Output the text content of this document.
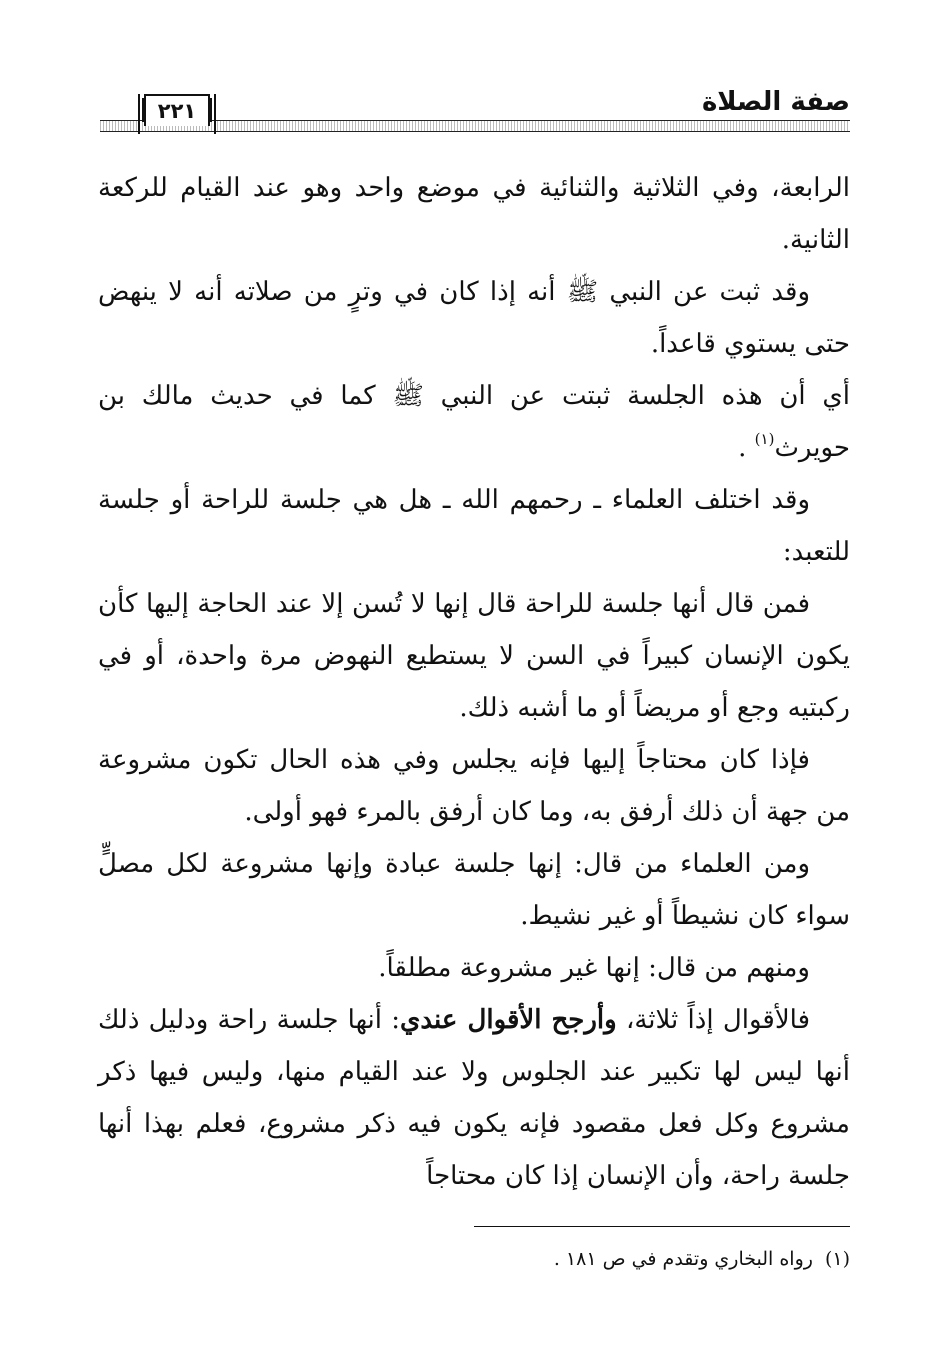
صفة الصلاة
٢٢١

الرابعة، وفي الثلاثية والثنائية في موضع واحد وهو عند القيام للركعة الثانية.

وقد ثبت عن النبي ﷺ أنه إذا كان في وترٍ من صلاته أنه لا ينهض حتى يستوي قاعداً.

أي أن هذه الجلسة ثبتت عن النبي ﷺ كما في حديث مالك بن حويرث$^{(١)}$ .

وقد اختلف العلماء ـ رحمهم الله ـ هل هي جلسة للراحة أو جلسة للتعبد:

فمن قال أنها جلسة للراحة قال إنها لا تُسن إلا عند الحاجة إليها كأن يكون الإنسان كبيراً في السن لا يستطيع النهوض مرة واحدة، أو في ركبتيه وجع أو مريضاً أو ما أشبه ذلك.

فإذا كان محتاجاً إليها فإنه يجلس وفي هذه الحال تكون مشروعة من جهة أن ذلك أرفق به، وما كان أرفق بالمرء فهو أولى.

ومن العلماء من قال: إنها جلسة عبادة وإنها مشروعة لكل مصلٍّ سواء كان نشيطاً أو غير نشيط.

ومنهم من قال: إنها غير مشروعة مطلقاً.

فالأقوال إذاً ثلاثة، وأرجح الأقوال عندي: أنها جلسة راحة ودليل ذلك أنها ليس لها تكبير عند الجلوس ولا عند القيام منها، وليس فيها ذكر مشروع وكل فعل مقصود فإنه يكون فيه ذكر مشروع، فعلم بهذا أنها جلسة راحة، وأن الإنسان إذا كان محتاجاً

(١)رواه البخاري وتقدم في ص ١٨١ .
